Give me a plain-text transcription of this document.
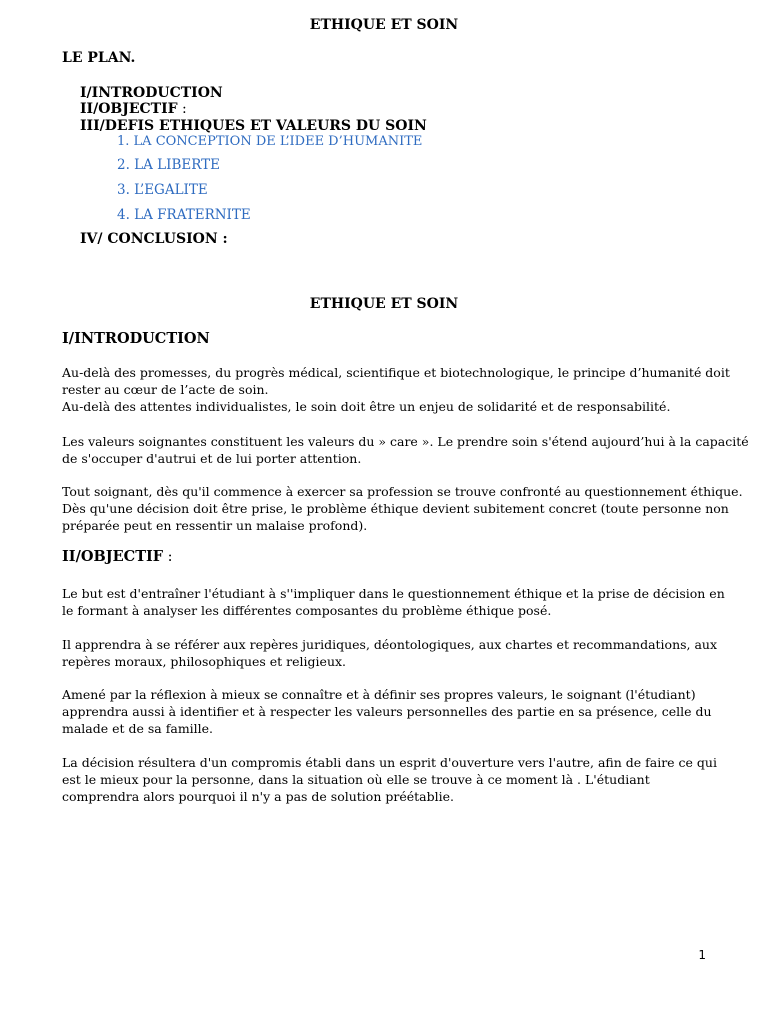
ETHIQUE ET SOIN
LE PLAN.
I/INTRODUCTION
II/OBJECTIF :
III/DEFIS ETHIQUES ET VALEURS DU SOIN
1. LA CONCEPTION DE L’IDEE D’HUMANITE
2. LA LIBERTE
3. L’EGALITE
4. LA FRATERNITE
IV/ CONCLUSION :
ETHIQUE ET SOIN
I/INTRODUCTION
Au-delà des promesses, du progrès médical, scientifique et biotechnologique, le principe d’humanité doit
rester au cœur de l’acte de soin.
Au-delà des attentes individualistes, le soin doit être un enjeu de solidarité et de responsabilité.
Les valeurs soignantes constituent les valeurs du » care ». Le prendre soin s'étend aujourd’hui à la capacité
de s'occuper d'autrui et de lui porter attention.
Tout soignant, dès qu'il commence à exercer sa profession se trouve confronté au questionnement éthique.
Dès qu'une décision doit être prise, le problème éthique devient subitement concret (toute personne non
préparée peut en ressentir un malaise profond).
II/OBJECTIF :
Le but est d'entraîner l'étudiant à s''impliquer dans le questionnement éthique et la prise de décision en
le formant à analyser les différentes composantes du problème éthique posé.
Il apprendra à se référer aux repères juridiques, déontologiques, aux chartes et recommandations, aux
repères moraux, philosophiques et religieux.
Amené par la réflexion à mieux se connaître et à définir ses propres valeurs, le soignant (l'étudiant)
apprendra aussi à identifier et à respecter les valeurs personnelles des partie en sa présence, celle du
malade et de sa famille.
La décision résultera d'un compromis établi dans un esprit d'ouverture vers l'autre, afin de faire ce qui
est le mieux pour la personne, dans la situation où elle se trouve à ce moment là . L'étudiant
comprendra alors pourquoi il n'y a pas de solution préétablie.
1
